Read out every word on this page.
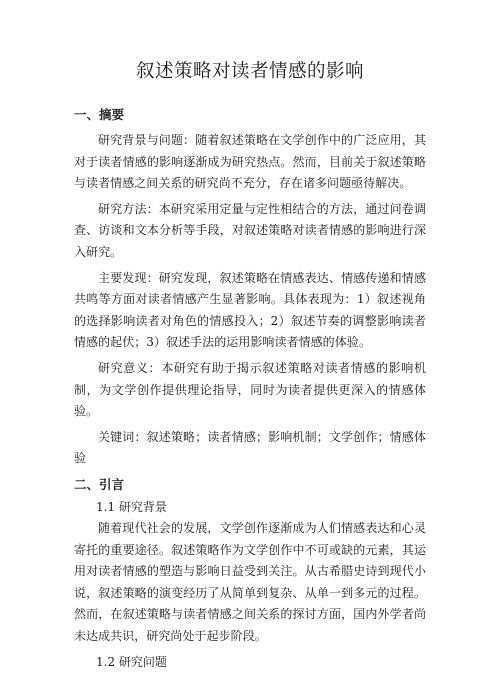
叙述策略对读者情感的影响
一、摘要

研究背景与问题：随着叙述策略在文学创作中的广泛应用，其对于读者情感的影响逐渐成为研究热点。然而，目前关于叙述策略与读者情感之间关系的研究尚不充分，存在诸多问题亟待解决。

研究方法：本研究采用定量与定性相结合的方法，通过问卷调查、访谈和文本分析等手段，对叙述策略对读者情感的影响进行深入研究。

主要发现：研究发现，叙述策略在情感表达、情感传递和情感共鸣等方面对读者情感产生显著影响。具体表现为：1）叙述视角的选择影响读者对角色的情感投入；2）叙述节奏的调整影响读者情感的起伏；3）叙述手法的运用影响读者情感的体验。

研究意义：本研究有助于揭示叙述策略对读者情感的影响机制，为文学创作提供理论指导，同时为读者提供更深入的情感体验。

关键词：叙述策略；读者情感；影响机制；文学创作；情感体验

二、引言
1.1 研究背景

随着现代社会的发展，文学创作逐渐成为人们情感表达和心灵寄托的重要途径。叙述策略作为文学创作中不可或缺的元素，其运用对读者情感的塑造与影响日益受到关注。从古希腊史诗到现代小说，叙述策略的演变经历了从简单到复杂、从单一到多元的过程。然而，在叙述策略与读者情感之间关系的探讨方面，国内外学者尚未达成共识，研究尚处于起步阶段。

1.2 研究问题
